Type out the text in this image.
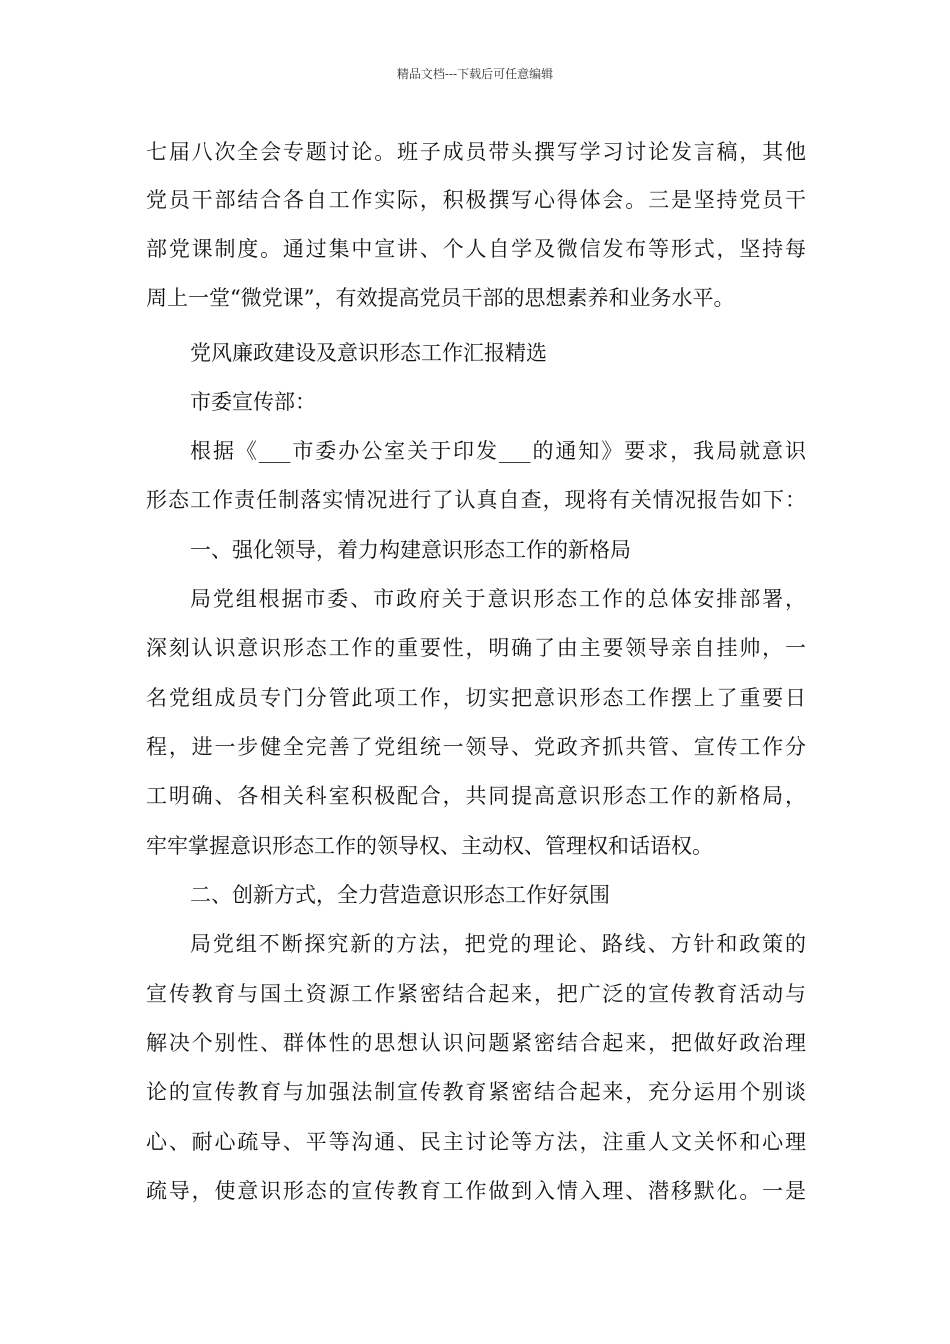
精品文档---下载后可任意编辑
七届八次全会专题讨论。班子成员带头撰写学习讨论发言稿，其他
党员干部结合各自工作实际，积极撰写心得体会。三是坚持党员干
部党课制度。通过集中宣讲、个人自学及微信发布等形式，坚持每
周上一堂“微党课”，有效提高党员干部的思想素养和业务水平。
党风廉政建设及意识形态工作汇报精选
市委宣传部：
根据《___市委办公室关于印发___的通知》要求，我局就意识
形态工作责任制落实情况进行了认真自查，现将有关情况报告如下：
一、强化领导，着力构建意识形态工作的新格局
局党组根据市委、市政府关于意识形态工作的总体安排部署，
深刻认识意识形态工作的重要性，明确了由主要领导亲自挂帅，一
名党组成员专门分管此项工作，切实把意识形态工作摆上了重要日
程，进一步健全完善了党组统一领导、党政齐抓共管、宣传工作分
工明确、各相关科室积极配合，共同提高意识形态工作的新格局，
牢牢掌握意识形态工作的领导权、主动权、管理权和话语权。
二、创新方式，全力营造意识形态工作好氛围
局党组不断探究新的方法，把党的理论、路线、方针和政策的
宣传教育与国土资源工作紧密结合起来，把广泛的宣传教育活动与
解决个别性、群体性的思想认识问题紧密结合起来，把做好政治理
论的宣传教育与加强法制宣传教育紧密结合起来，充分运用个别谈
心、耐心疏导、平等沟通、民主讨论等方法，注重人文关怀和心理
疏导，使意识形态的宣传教育工作做到入情入理、潜移默化。一是
